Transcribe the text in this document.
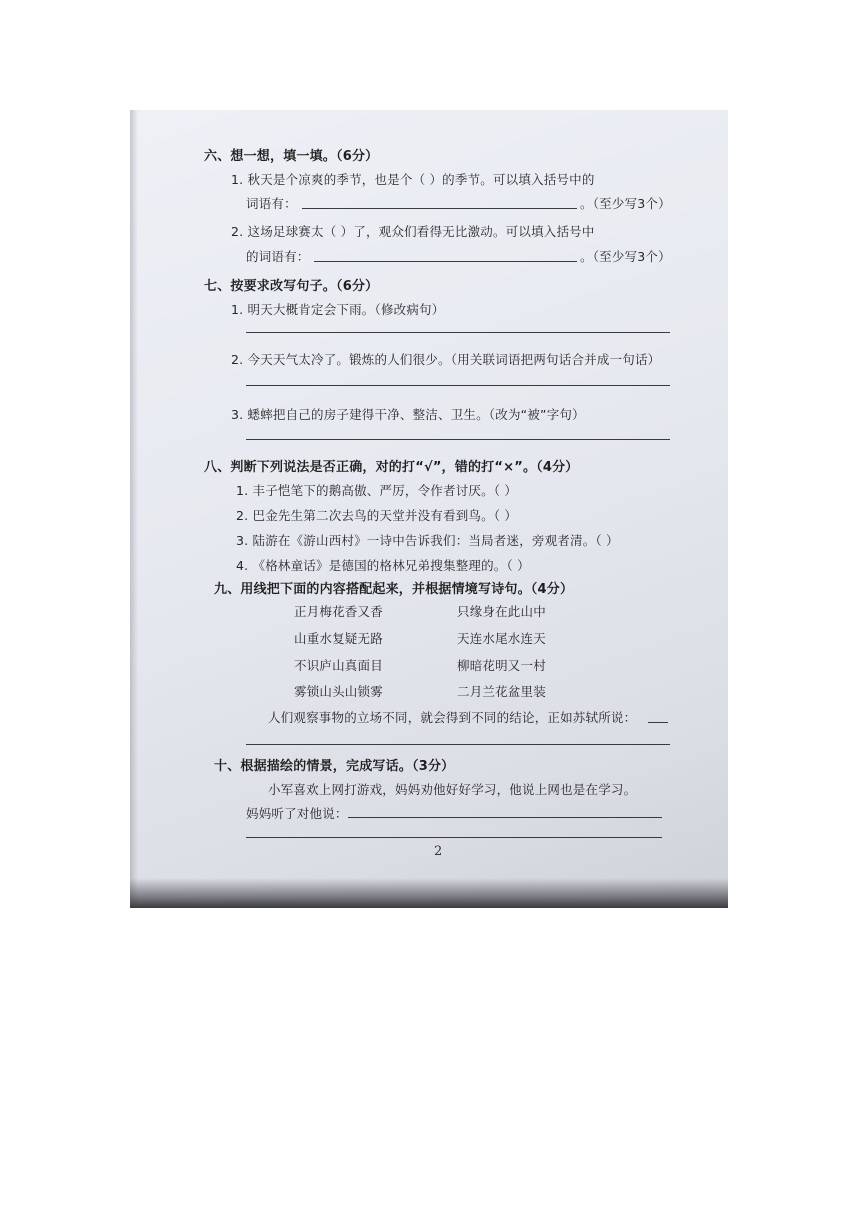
六、想一想，填一填。（6分）
1. 秋天是个凉爽的季节，也是个（ ）的季节。可以填入括号中的
词语有：	。（至少写3个）
2. 这场足球赛太（ ）了，观众们看得无比激动。可以填入括号中
的词语有：	。（至少写3个）
七、按要求改写句子。（6分）
1. 明天大概肯定会下雨。（修改病句）
2. 今天天气太冷了。锻炼的人们很少。（用关联词语把两句话合并成一句话）
3. 蟋蟀把自己的房子建得干净、整洁、卫生。（改为“被”字句）
八、判断下列说法是否正确，对的打“√”，错的打“×”。（4分）
1. 丰子恺笔下的鹅高傲、严厉，令作者讨厌。（ ）
2. 巴金先生第二次去鸟的天堂并没有看到鸟。（ ）
3. 陆游在《游山西村》一诗中告诉我们：当局者迷，旁观者清。（ ）
4. 《格林童话》是德国的格林兄弟搜集整理的。（ ）
九、用线把下面的内容搭配起来，并根据情境写诗句。（4分）
正月梅花香又香
山重水复疑无路
不识庐山真面目
雾锁山头山锁雾
只缘身在此山中
天连水尾水连天
柳暗花明又一村
二月兰花盆里装
人们观察事物的立场不同，就会得到不同的结论，正如苏轼所说：
十、根据描绘的情景，完成写话。（3分）
小军喜欢上网打游戏，妈妈劝他好好学习，他说上网也是在学习。
妈妈听了对他说：
2
